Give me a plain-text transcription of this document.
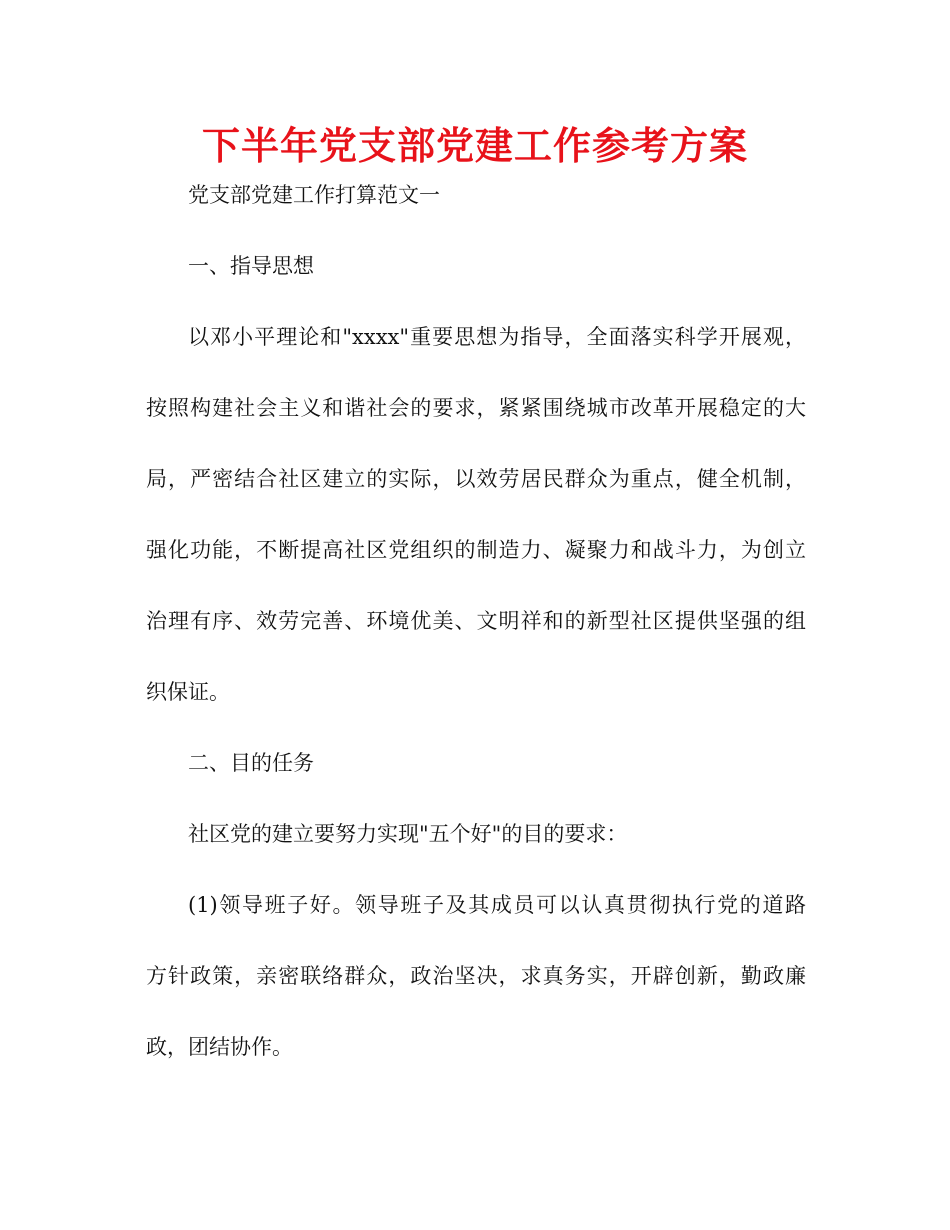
下半年党支部党建工作参考方案
党支部党建工作打算范文一
一、指导思想
以邓小平理论和"xxxx"重要思想为指导，全面落实科学开展观，
按照构建社会主义和谐社会的要求，紧紧围绕城市改革开展稳定的大
局，严密结合社区建立的实际，以效劳居民群众为重点，健全机制，
强化功能，不断提高社区党组织的制造力、凝聚力和战斗力，为创立
治理有序、效劳完善、环境优美、文明祥和的新型社区提供坚强的组
织保证。
二、目的任务
社区党的建立要努力实现"五个好"的目的要求：
(1)领导班子好。领导班子及其成员可以认真贯彻执行党的道路
方针政策，亲密联络群众，政治坚决，求真务实，开辟创新，勤政廉
政，团结协作。
